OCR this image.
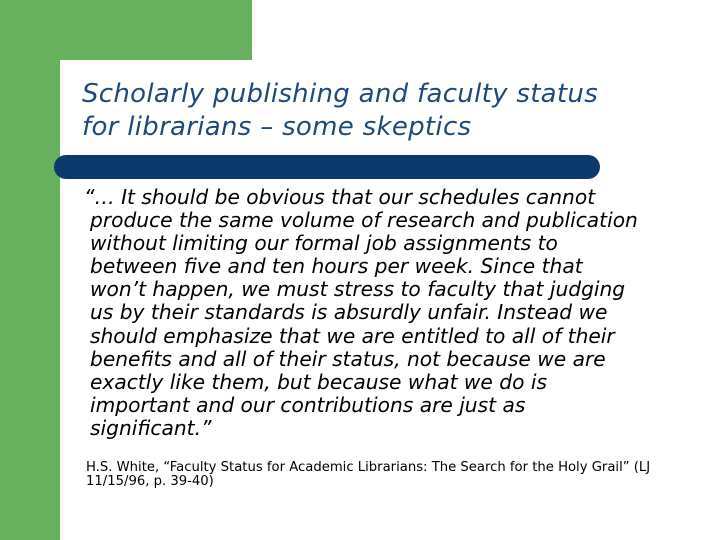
Scholarly publishing and faculty status
for librarians – some skeptics
“… It should be obvious that our schedules cannot
produce the same volume of research and publication
without limiting our formal job assignments to
between five and ten hours per week. Since that
won’t happen, we must stress to faculty that judging
us by their standards is absurdly unfair. Instead we
should emphasize that we are entitled to all of their
benefits and all of their status, not because we are
exactly like them, but because what we do is
important and our contributions are just as
significant.”
H.S. White, “Faculty Status for Academic Librarians: The Search for the Holy Grail” (LJ
11/15/96, p. 39-40)
